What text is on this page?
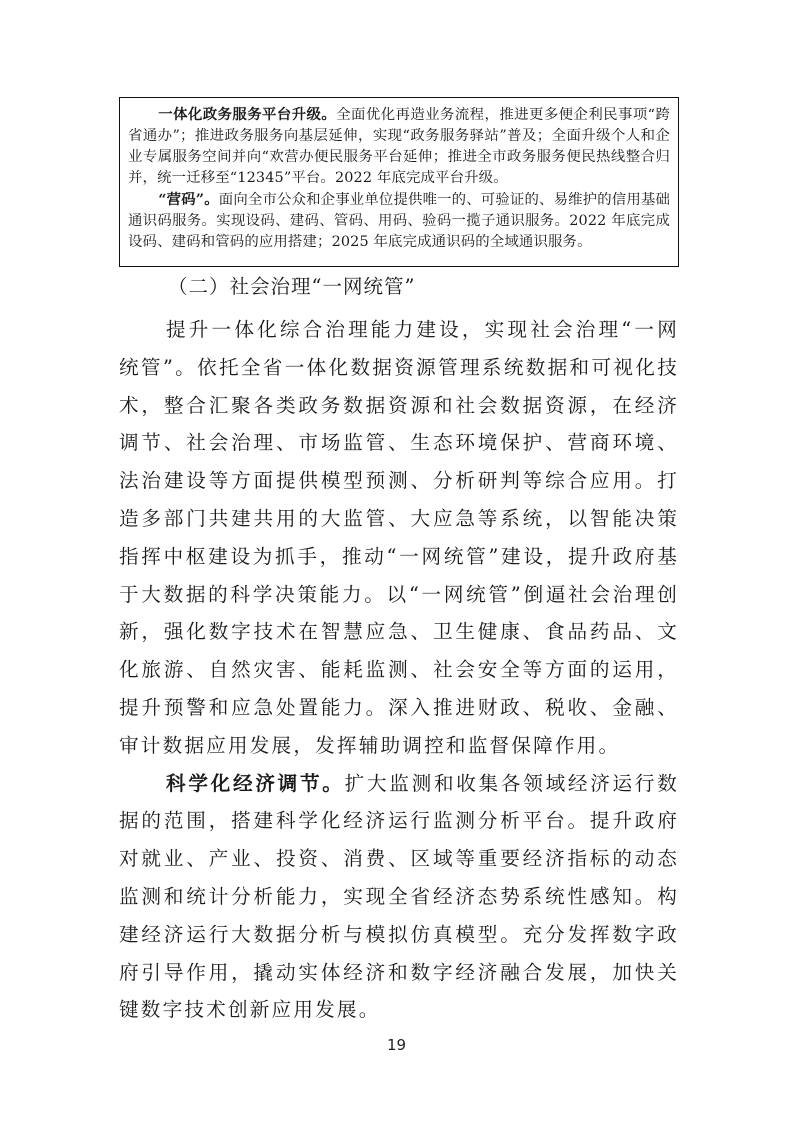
一体化政务服务平台升级。全面优化再造业务流程，推进更多便企利民事项“跨省通办”；推进政务服务向基层延伸，实现“政务服务驿站”普及；全面升级个人和企业专属服务空间并向“欢营办便民服务平台延伸；推进全市政务服务便民热线整合归并，统一迁移至“12345”平台。2022 年底完成平台升级。

“营码”。面向全市公众和企事业单位提供唯一的、可验证的、易维护的信用基础通识码服务。实现设码、建码、管码、用码、验码一揽子通识服务。2022 年底完成设码、建码和管码的应用搭建；2025 年底完成通识码的全域通识服务。

（二）社会治理“一网统管”

提升一体化综合治理能力建设，实现社会治理“一网统管”。依托全省一体化数据资源管理系统数据和可视化技术，整合汇聚各类政务数据资源和社会数据资源，在经济调节、社会治理、市场监管、生态环境保护、营商环境、法治建设等方面提供模型预测、分析研判等综合应用。打造多部门共建共用的大监管、大应急等系统，以智能决策指挥中枢建设为抓手，推动“一网统管”建设，提升政府基于大数据的科学决策能力。以“一网统管”倒逼社会治理创新，强化数字技术在智慧应急、卫生健康、食品药品、文化旅游、自然灾害、能耗监测、社会安全等方面的运用，提升预警和应急处置能力。深入推进财政、税收、金融、审计数据应用发展，发挥辅助调控和监督保障作用。

科学化经济调节。扩大监测和收集各领域经济运行数据的范围，搭建科学化经济运行监测分析平台。提升政府对就业、产业、投资、消费、区域等重要经济指标的动态监测和统计分析能力，实现全省经济态势系统性感知。构建经济运行大数据分析与模拟仿真模型。充分发挥数字政府引导作用，撬动实体经济和数字经济融合发展，加快关键数字技术创新应用发展。

19
